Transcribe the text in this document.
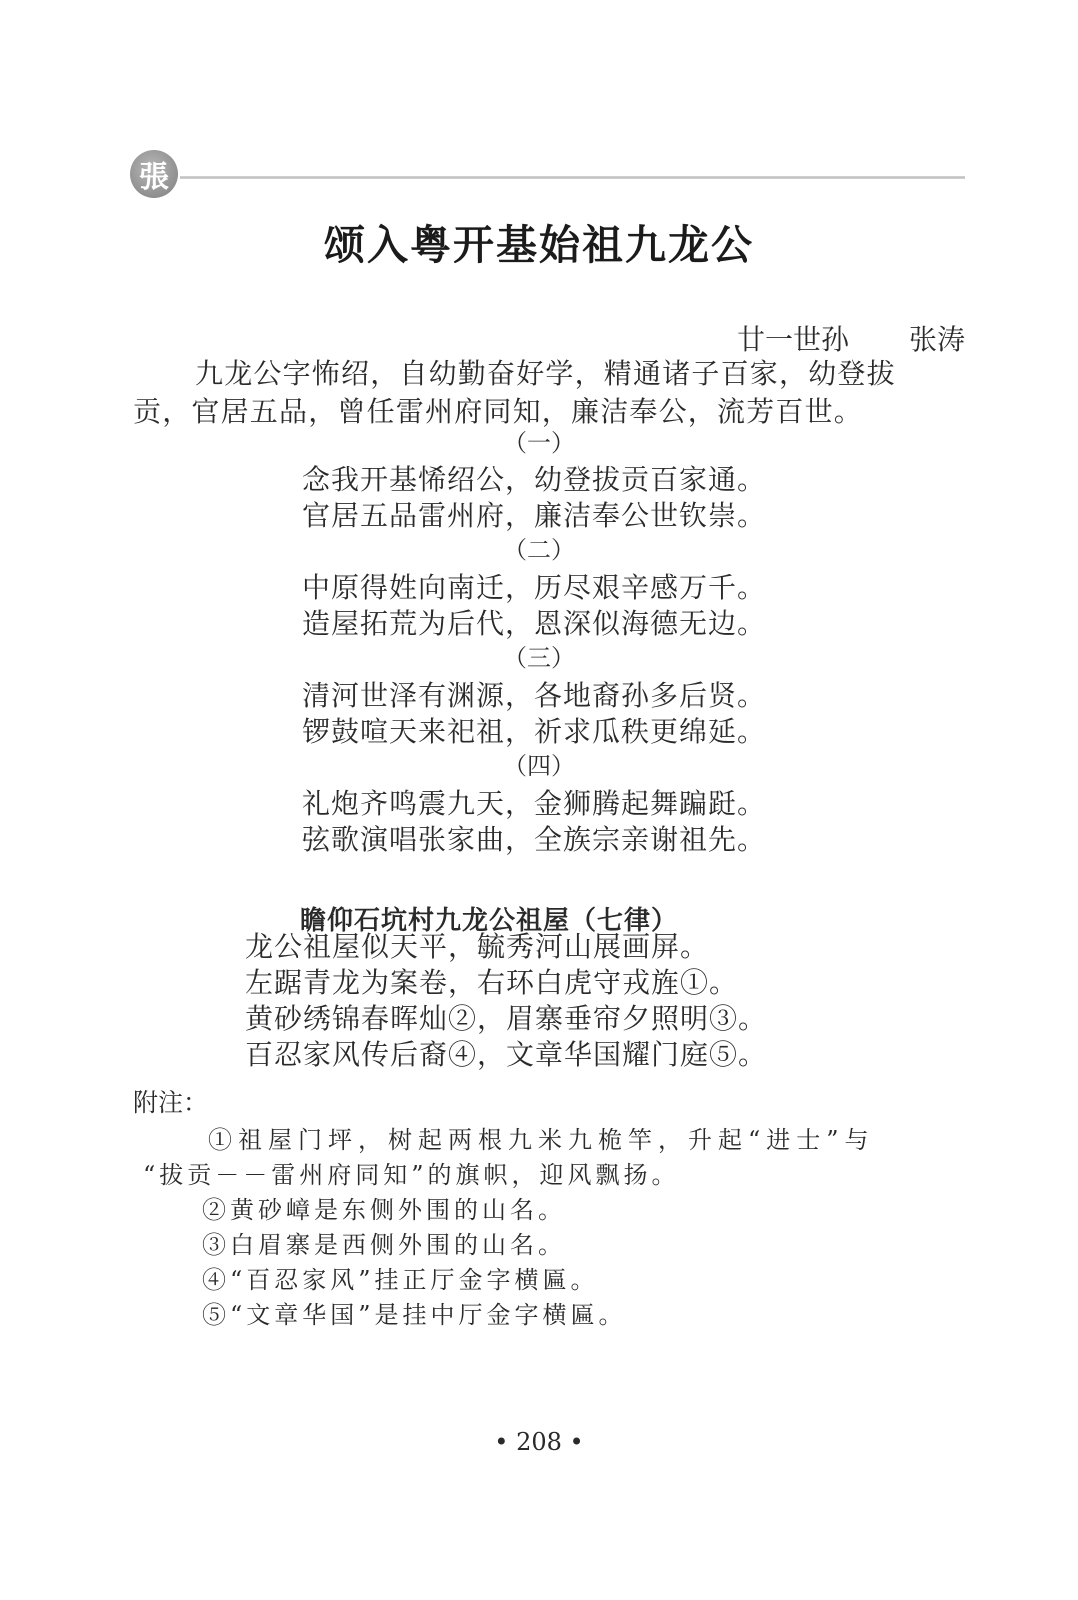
張
颂入粤开基始祖九龙公
廿一世孙 张涛
九龙公字怖绍，自幼勤奋好学，精通诸子百家，幼登拔
贡，官居五品，曾任雷州府同知，廉洁奉公，流芳百世。
（一）
念我开基悕绍公，幼登拔贡百家通。
官居五品雷州府，廉洁奉公世钦崇。
（二）
中原得姓向南迁，历尽艰辛感万千。
造屋拓荒为后代，恩深似海德无边。
（三）
清河世泽有渊源，各地裔孙多后贤。
锣鼓喧天来祀祖，祈求瓜秩更绵延。
（四）
礼炮齐鸣震九天，金狮腾起舞蹁跹。
弦歌演唱张家曲，全族宗亲谢祖先。
瞻仰石坑村九龙公祖屋（七律）
龙公祖屋似天平，毓秀河山展画屏。
左踞青龙为案卷，右环白虎守戎旌①。
黄砂绣锦春晖灿②，眉寨垂帘夕照明③。
百忍家风传后裔④，文章华国耀门庭⑤。
附注：
①祖屋门坪，树起两根九米九桅竿，升起“进士”与
“拔贡－－雷州府同知”的旗帜，迎风飘扬。
②黄砂嶂是东侧外围的山名。
③白眉寨是西侧外围的山名。
④“百忍家风”挂正厅金字横匾。
⑤“文章华国”是挂中厅金字横匾。
• 208 •
